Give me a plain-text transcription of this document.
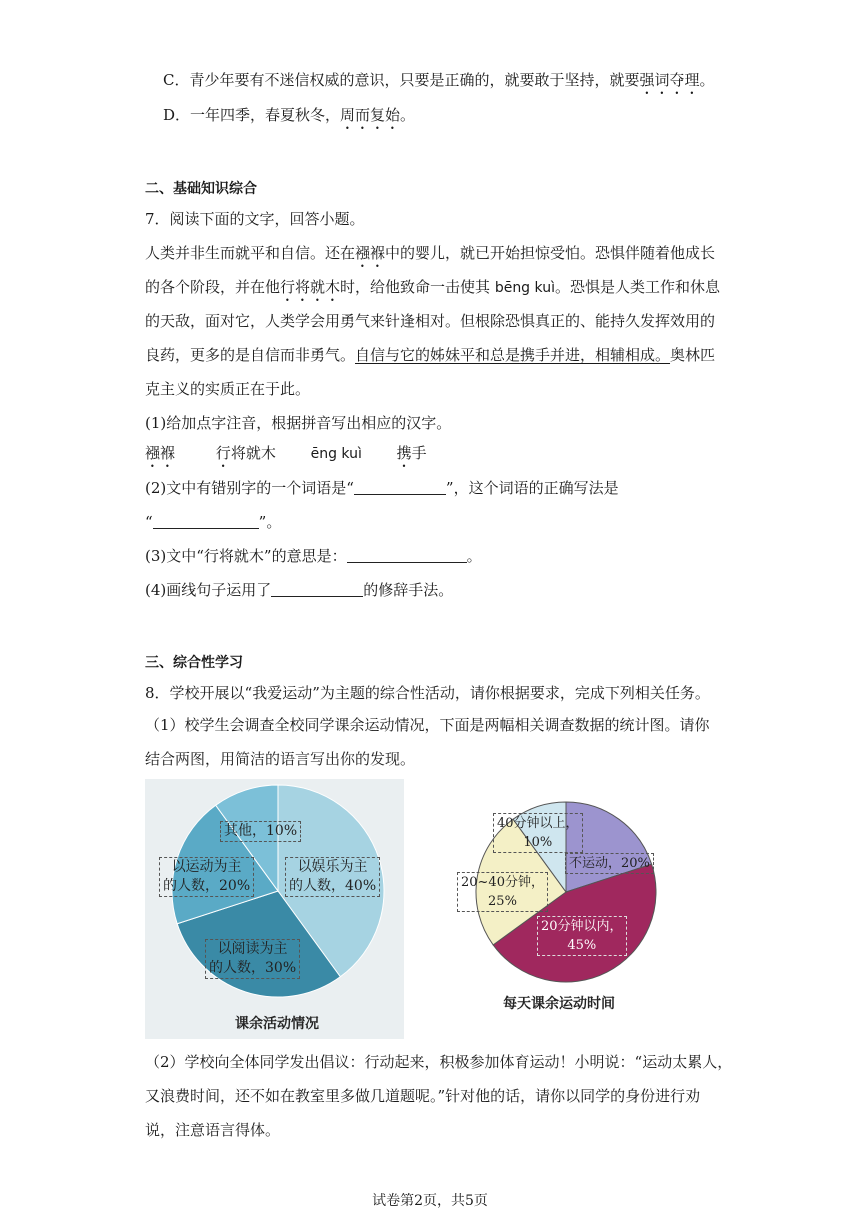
C．青少年要有不迷信权威的意识，只要是正确的，就要敢于坚持，就要强词夺理。
D．一年四季，春夏秋冬，周而复始。
二、基础知识综合
7．阅读下面的文字，回答小题。
人类并非生而就平和自信。还在襁褓中的婴儿，就已开始担惊受怕。恐惧伴随着他成长
的各个阶段，并在他行将就木时，给他致命一击使其 bēng kuì。恐惧是人类工作和休息
的天敌，面对它，人类学会用勇气来针逢相对。但根除恐惧真正的、能持久发挥效用的
良药，更多的是自信而非勇气。自信与它的姊妹平和总是携手并进，相辅相成。奥林匹
克主义的实质正在于此。
(1)给加点字注音，根据拼音写出相应的汉字。
襁褓	行将就木 ēng kuì 携手
(2)文中有错别字的一个词语是“	”，这个词语的正确写法是
“	”。
(3)文中“行将就木”的意思是：	。
(4)画线句子运用了	的修辞手法。
三、综合性学习
8．学校开展以“我爱运动”为主题的综合性活动，请你根据要求，完成下列相关任务。
（1）校学生会调查全校同学课余运动情况，下面是两幅相关调查数据的统计图。请你
结合两图，用简洁的语言写出你的发现。
其他，10%
以娱乐为主
的人数，40%
以运动为主
的人数，20%
以阅读为主
的人数，30%
课余活动情况
40分钟以上，
10%
不运动，20%
20~40分钟，
25%
20分钟以内，
45%
每天课余运动时间
（2）学校向全体同学发出倡议：行动起来，积极参加体育运动！小明说：“运动太累人，
又浪费时间，还不如在教室里多做几道题呢。”针对他的话，请你以同学的身份进行劝
说，注意语言得体。
试卷第2页，共5页
